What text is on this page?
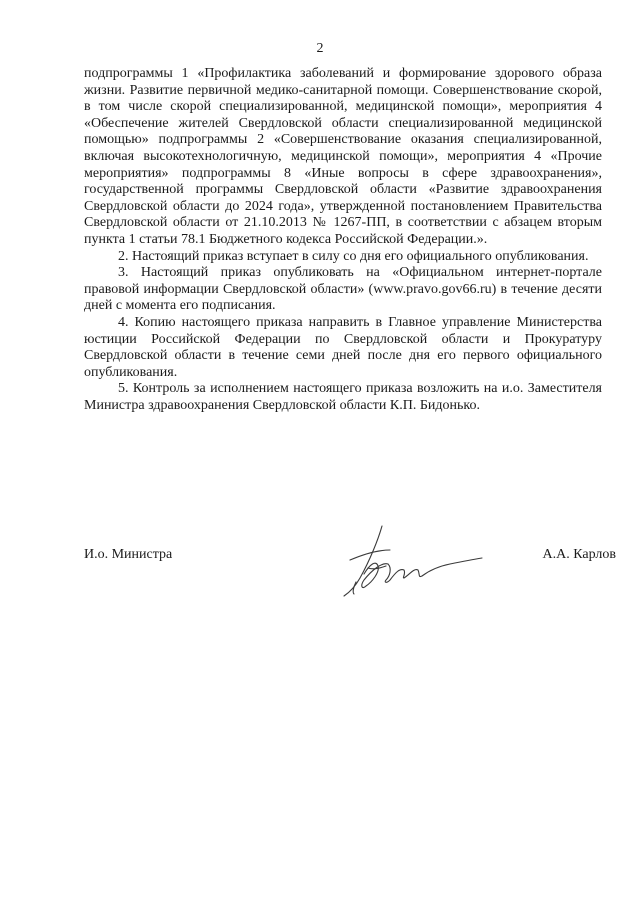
2

подпрограммы 1 «Профилактика заболеваний и формирование здорового образа жизни. Развитие первичной медико-санитарной помощи. Совершенствование скорой, в том числе скорой специализированной, медицинской помощи», мероприятия 4 «Обеспечение жителей Свердловской области специализированной медицинской помощью» подпрограммы 2 «Совершенствование оказания специализированной, включая высокотехнологичную, медицинской помощи», мероприятия 4 «Прочие мероприятия» подпрограммы 8 «Иные вопросы в сфере здравоохранения», государственной программы Свердловской области «Развитие здравоохранения Свердловской области до 2024 года», утвержденной постановлением Правительства Свердловской области от 21.10.2013 № 1267-ПП, в соответствии с абзацем вторым пункта 1 статьи 78.1 Бюджетного кодекса Российской Федерации.».

2. Настоящий приказ вступает в силу со дня его официального опубликования.

3. Настоящий приказ опубликовать на «Официальном интернет-портале правовой информации Свердловской области» (www.pravo.gov66.ru) в течение десяти дней с момента его подписания.

4. Копию настоящего приказа направить в Главное управление Министерства юстиции Российской Федерации по Свердловской области и Прокуратуру Свердловской области в течение семи дней после дня его первого официального опубликования.

5. Контроль за исполнением настоящего приказа возложить на и.о. Заместителя Министра здравоохранения Свердловской области К.П. Бидонько.

И.о. Министра	А.А. Карлов
